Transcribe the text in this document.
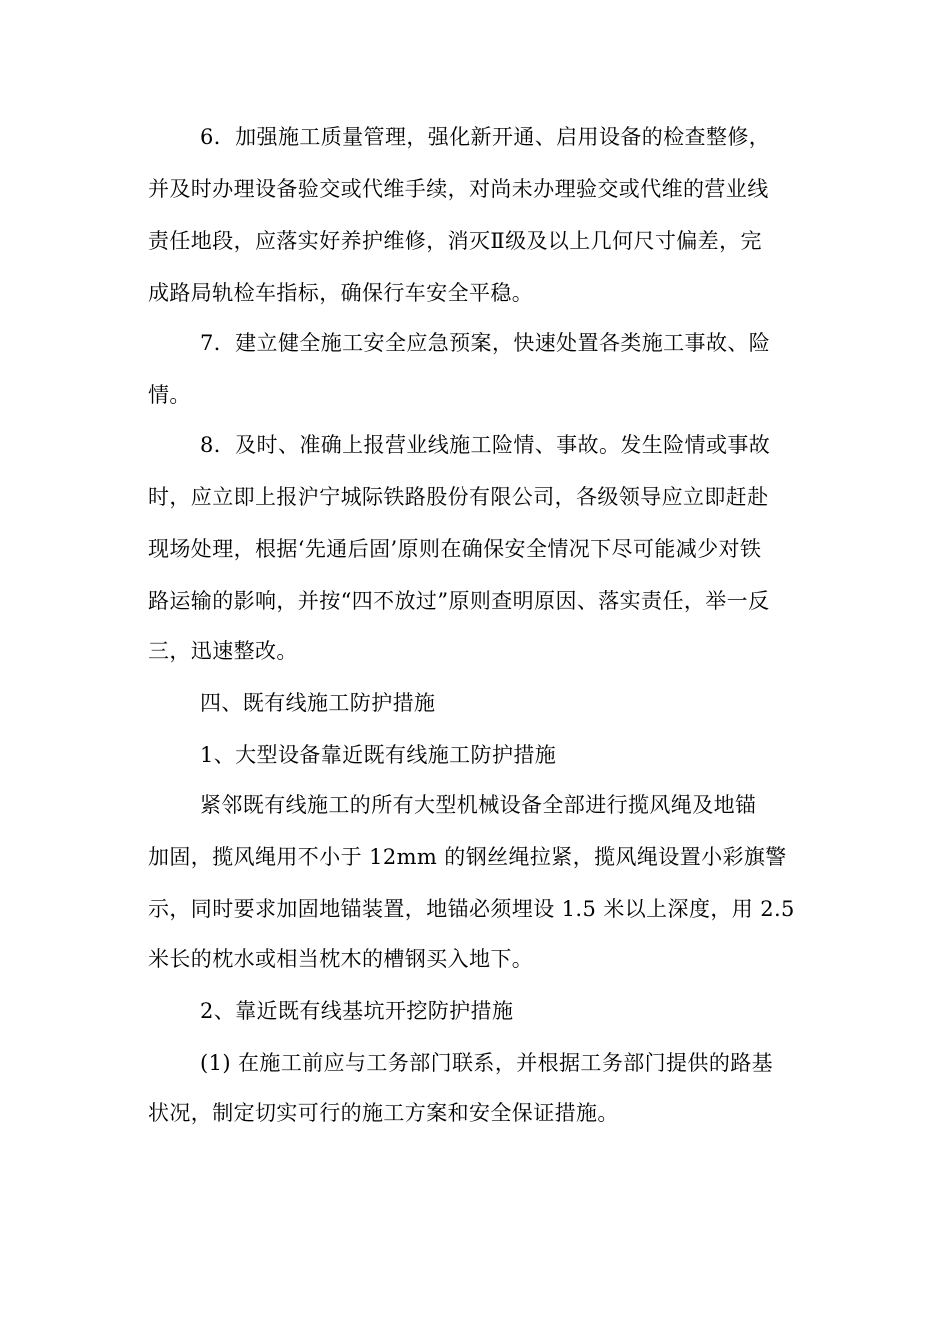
6．加强施工质量管理，强化新开通、启用设备的检查整修，
并及时办理设备验交或代维手续，对尚未办理验交或代维的营业线
责任地段，应落实好养护维修，消灭Ⅱ级及以上几何尺寸偏差，完
成路局轨检车指标，确保行车安全平稳。
7．建立健全施工安全应急预案，快速处置各类施工事故、险
情。
8．及时、准确上报营业线施工险情、事故。发生险情或事故
时，应立即上报沪宁城际铁路股份有限公司，各级领导应立即赶赴
现场处理，根据‘先通后固’原则在确保安全情况下尽可能减少对铁
路运输的影响，并按“四不放过”原则查明原因、落实责任，举一反
三，迅速整改。
四、既有线施工防护措施
1、大型设备靠近既有线施工防护措施
紧邻既有线施工的所有大型机械设备全部进行揽风绳及地锚
加固，揽风绳用不小于 12mm 的钢丝绳拉紧，揽风绳设置小彩旗警
示，同时要求加固地锚装置，地锚必须埋设 1.5 米以上深度，用 2.5
米长的枕水或相当枕木的槽钢买入地下。
2、靠近既有线基坑开挖防护措施
(1) 在施工前应与工务部门联系，并根据工务部门提供的路基
状况，制定切实可行的施工方案和安全保证措施。
